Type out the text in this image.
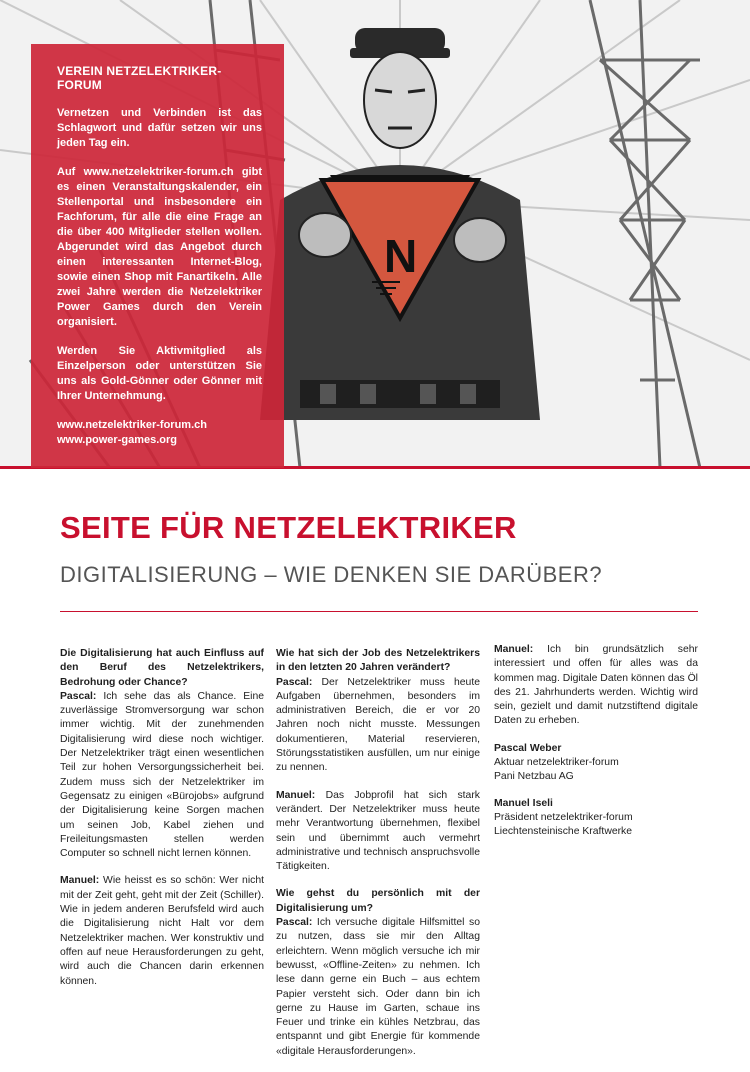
N
VEREIN NETZELEKTRIKER-FORUM

Vernetzen und Verbinden ist das Schlagwort und dafür setzen wir uns jeden Tag ein.

Auf www.netzelektriker-forum.ch gibt es einen Veranstaltungskalender, ein Stellenportal und insbesondere ein Fachforum, für alle die eine Frage an die über 400 Mitglieder stellen wollen. Abgerundet wird das Angebot durch einen interessanten Internet-Blog, sowie einen Shop mit Fanartikeln. Alle zwei Jahre werden die Netzelektriker Power Games durch den Verein organisiert.

Werden Sie Aktivmitglied als Einzelperson oder unterstützen Sie uns als Gold-Gönner oder Gönner mit Ihrer Unternehmung.

www.netzelektriker-forum.ch
www.power-games.org
SEITE FÜR NETZELEKTRIKER
DIGITALISIERUNG – WIE DENKEN SIE DARÜBER?

Die Digitalisierung hat auch Einfluss auf den Beruf des Netzelektrikers, Bedrohung oder Chance?
Pascal: Ich sehe das als Chance. Eine zuverlässige Stromversorgung war schon immer wichtig. Mit der zunehmenden Digitalisierung wird diese noch wichtiger. Der Netzelektriker trägt einen wesentlichen Teil zur hohen Versorgungssicherheit bei. Zudem muss sich der Netzelektriker im Gegensatz zu einigen «Bürojobs» aufgrund der Digitalisierung keine Sorgen machen um seinen Job, Kabel ziehen und Freileitungsmasten stellen werden Computer so schnell nicht lernen können.

Manuel: Wie heisst es so schön: Wer nicht mit der Zeit geht, geht mit der Zeit (Schiller). Wie in jedem anderen Berufsfeld wird auch die Digitalisierung nicht Halt vor dem Netzelektriker machen. Wer konstruktiv und offen auf neue Herausforderungen zu geht, wird auch die Chancen darin erkennen können.

Wie hat sich der Job des Netzelektrikers in den letzten 20 Jahren verändert?
Pascal: Der Netzelektriker muss heute Aufgaben übernehmen, besonders im administrativen Bereich, die er vor 20 Jahren noch nicht musste. Messungen dokumentieren, Material reservieren, Störungsstatistiken ausfüllen, um nur einige zu nennen.

Manuel: Das Jobprofil hat sich stark verändert. Der Netzelektriker muss heute mehr Verantwortung übernehmen, flexibel sein und übernimmt auch vermehrt administrative und technisch anspruchsvolle Tätigkeiten.

Wie gehst du persönlich mit der Digitalisierung um?
Pascal: Ich versuche digitale Hilfsmittel so zu nutzen, dass sie mir den Alltag erleichtern. Wenn möglich versuche ich mir bewusst, «Offline-Zeiten» zu nehmen. Ich lese dann gerne ein Buch – aus echtem Papier versteht sich. Oder dann bin ich gerne zu Hause im Garten, schaue ins Feuer und trinke ein kühles Netzbrau, das entspannt und gibt Energie für kommende «digitale Herausforderungen».

Manuel: Ich bin grundsätzlich sehr interessiert und offen für alles was da kommen mag. Digitale Daten können das Öl des 21. Jahrhunderts werden. Wichtig wird sein, gezielt und damit nutzstiftend digitale Daten zu erheben.

Pascal Weber
Aktuar netzelektriker-forum
Pani Netzbau AG
Manuel Iseli
Präsident netzelektriker-forum
Liechtensteinische Kraftwerke
